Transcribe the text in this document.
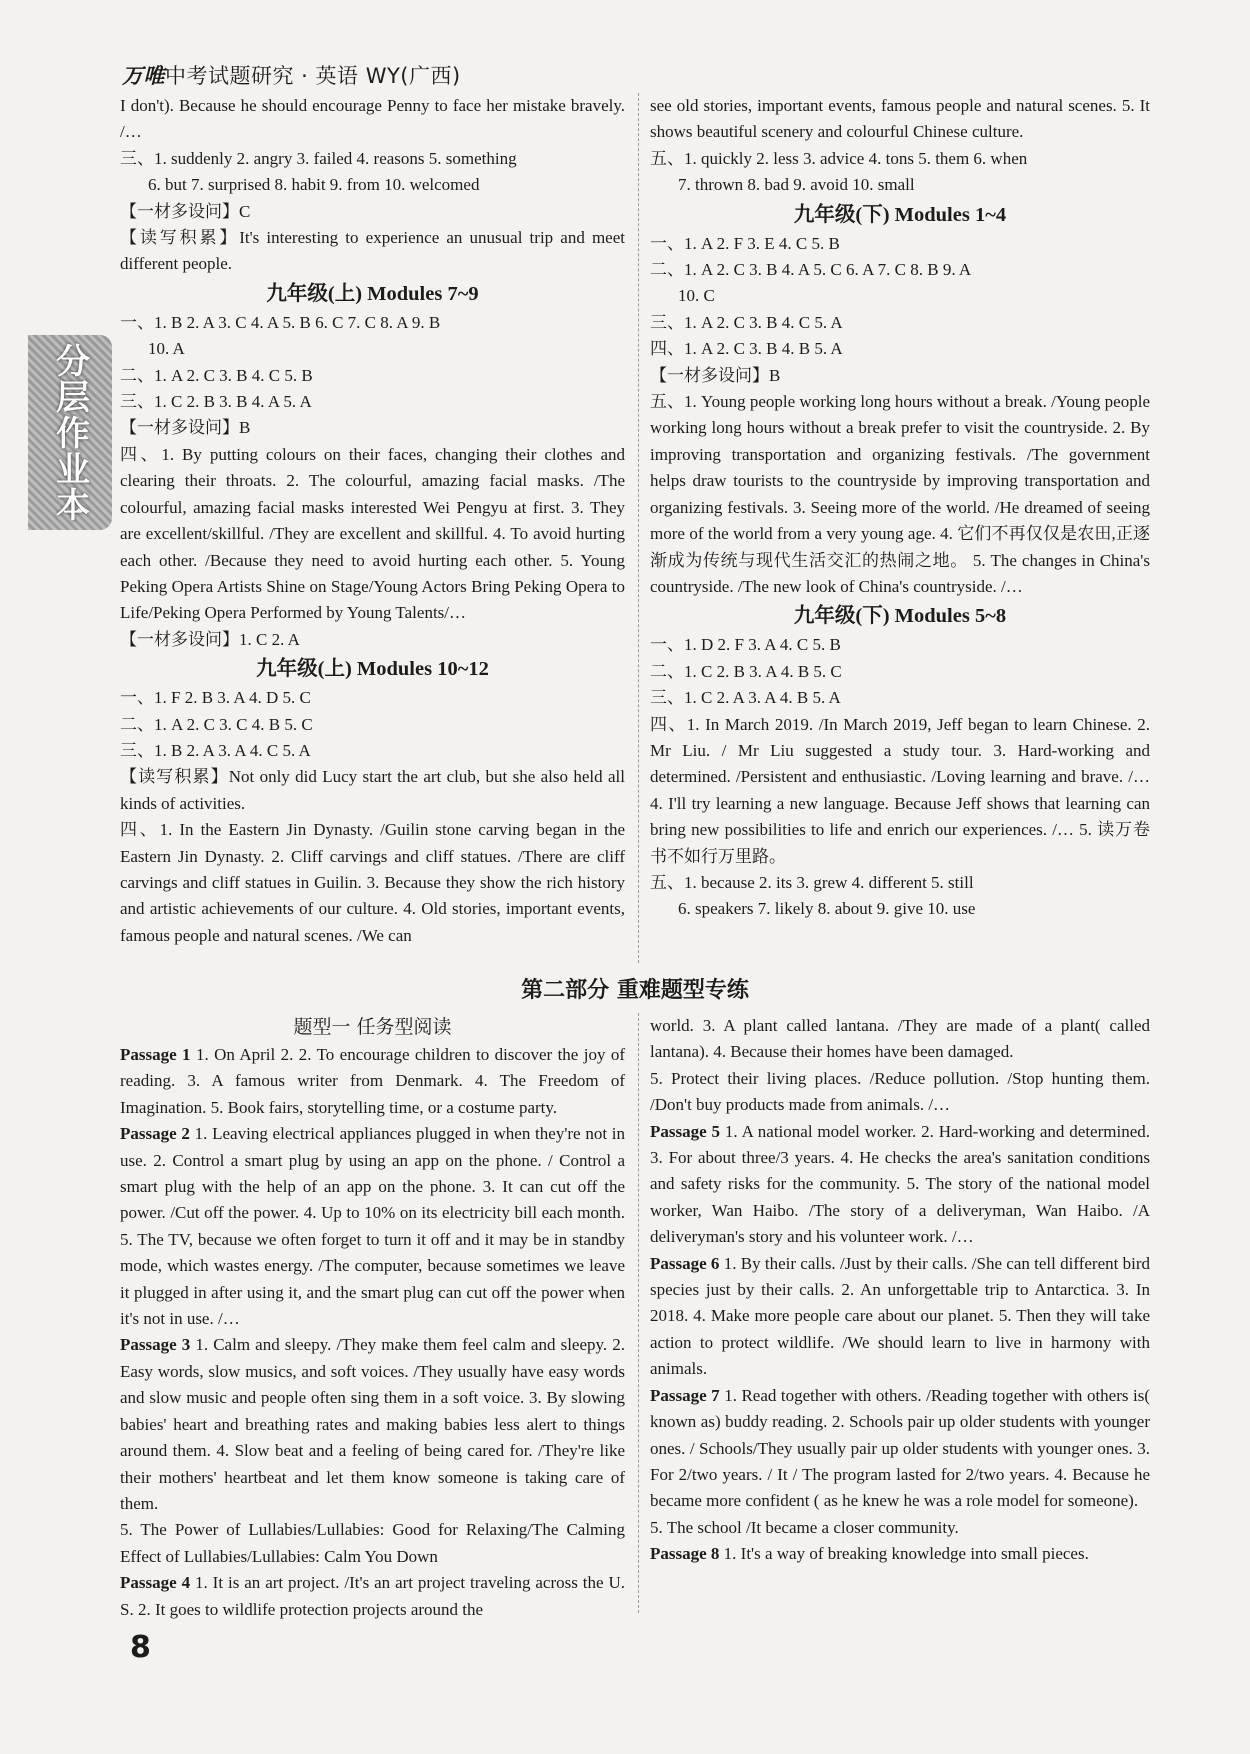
万唯中考试题研究 · 英语 WY(广西)
分层作业本

I don't). Because he should encourage Penny to face her mistake bravely. /…

三、1. suddenly 2. angry 3. failed 4. reasons 5. something

6. but 7. surprised 8. habit 9. from 10. welcomed

【一材多设问】C

【读写积累】It's interesting to experience an unusual trip and meet different people.

九年级(上) Modules 7~9

一、1. B 2. A 3. C 4. A 5. B 6. C 7. C 8. A 9. B

10. A

二、1. A 2. C 3. B 4. C 5. B

三、1. C 2. B 3. B 4. A 5. A

【一材多设问】B

四、1. By putting colours on their faces, changing their clothes and clearing their throats. 2. The colourful, amazing facial masks. /The colourful, amazing facial masks interested Wei Pengyu at first. 3. They are excellent/skillful. /They are excellent and skillful. 4. To avoid hurting each other. /Because they need to avoid hurting each other. 5. Young Peking Opera Artists Shine on Stage/Young Actors Bring Peking Opera to Life/Peking Opera Performed by Young Talents/…

【一材多设问】1. C 2. A

九年级(上) Modules 10~12

一、1. F 2. B 3. A 4. D 5. C

二、1. A 2. C 3. C 4. B 5. C

三、1. B 2. A 3. A 4. C 5. A

【读写积累】Not only did Lucy start the art club, but she also held all kinds of activities.

四、1. In the Eastern Jin Dynasty. /Guilin stone carving began in the Eastern Jin Dynasty. 2. Cliff carvings and cliff statues. /There are cliff carvings and cliff statues in Guilin. 3. Because they show the rich history and artistic achievements of our culture. 4. Old stories, important events, famous people and natural scenes. /We can

see old stories, important events, famous people and natural scenes. 5. It shows beautiful scenery and colourful Chinese culture.

五、1. quickly 2. less 3. advice 4. tons 5. them 6. when

7. thrown 8. bad 9. avoid 10. small

九年级(下) Modules 1~4

一、1. A 2. F 3. E 4. C 5. B

二、1. A 2. C 3. B 4. A 5. C 6. A 7. C 8. B 9. A

10. C

三、1. A 2. C 3. B 4. C 5. A

四、1. A 2. C 3. B 4. B 5. A

【一材多设问】B

五、1. Young people working long hours without a break. /Young people working long hours without a break prefer to visit the countryside. 2. By improving transportation and organizing festivals. /The government helps draw tourists to the countryside by improving transportation and organizing festivals. 3. Seeing more of the world. /He dreamed of seeing more of the world from a very young age. 4. 它们不再仅仅是农田,正逐渐成为传统与现代生活交汇的热闹之地。 5. The changes in China's countryside. /The new look of China's countryside. /…

九年级(下) Modules 5~8

一、1. D 2. F 3. A 4. C 5. B

二、1. C 2. B 3. A 4. B 5. C

三、1. C 2. A 3. A 4. B 5. A

四、1. In March 2019. /In March 2019, Jeff began to learn Chinese. 2. Mr Liu. / Mr Liu suggested a study tour. 3. Hard-working and determined. /Persistent and enthusiastic. /Loving learning and brave. /… 4. I'll try learning a new language. Because Jeff shows that learning can bring new possibilities to life and enrich our experiences. /… 5. 读万卷书不如行万里路。

五、1. because 2. its 3. grew 4. different 5. still

6. speakers 7. likely 8. about 9. give 10. use

第二部分 重难题型专练
题型一 任务型阅读

Passage 1 1. On April 2. 2. To encourage children to discover the joy of reading. 3. A famous writer from Denmark. 4. The Freedom of Imagination. 5. Book fairs, storytelling time, or a costume party.

Passage 2 1. Leaving electrical appliances plugged in when they're not in use. 2. Control a smart plug by using an app on the phone. / Control a smart plug with the help of an app on the phone. 3. It can cut off the power. /Cut off the power. 4. Up to 10% on its electricity bill each month. 5. The TV, because we often forget to turn it off and it may be in standby mode, which wastes energy. /The computer, because sometimes we leave it plugged in after using it, and the smart plug can cut off the power when it's not in use. /…

Passage 3 1. Calm and sleepy. /They make them feel calm and sleepy. 2. Easy words, slow musics, and soft voices. /They usually have easy words and slow music and people often sing them in a soft voice. 3. By slowing babies' heart and breathing rates and making babies less alert to things around them. 4. Slow beat and a feeling of being cared for. /They're like their mothers' heartbeat and let them know someone is taking care of them.

5. The Power of Lullabies/Lullabies: Good for Relaxing/The Calming Effect of Lullabies/Lullabies: Calm You Down

Passage 4 1. It is an art project. /It's an art project traveling across the U. S. 2. It goes to wildlife protection projects around the

world. 3. A plant called lantana. /They are made of a plant( called lantana). 4. Because their homes have been damaged.

5. Protect their living places. /Reduce pollution. /Stop hunting them. /Don't buy products made from animals. /…

Passage 5 1. A national model worker. 2. Hard-working and determined. 3. For about three/3 years. 4. He checks the area's sanitation conditions and safety risks for the community. 5. The story of the national model worker, Wan Haibo. /The story of a deliveryman, Wan Haibo. /A deliveryman's story and his volunteer work. /…

Passage 6 1. By their calls. /Just by their calls. /She can tell different bird species just by their calls. 2. An unforgettable trip to Antarctica. 3. In 2018. 4. Make more people care about our planet. 5. Then they will take action to protect wildlife. /We should learn to live in harmony with animals.

Passage 7 1. Read together with others. /Reading together with others is( known as) buddy reading. 2. Schools pair up older students with younger ones. / Schools/They usually pair up older students with younger ones. 3. For 2/two years. / It / The program lasted for 2/two years. 4. Because he became more confident ( as he knew he was a role model for someone).

5. The school /It became a closer community.

Passage 8 1. It's a way of breaking knowledge into small pieces.

8
